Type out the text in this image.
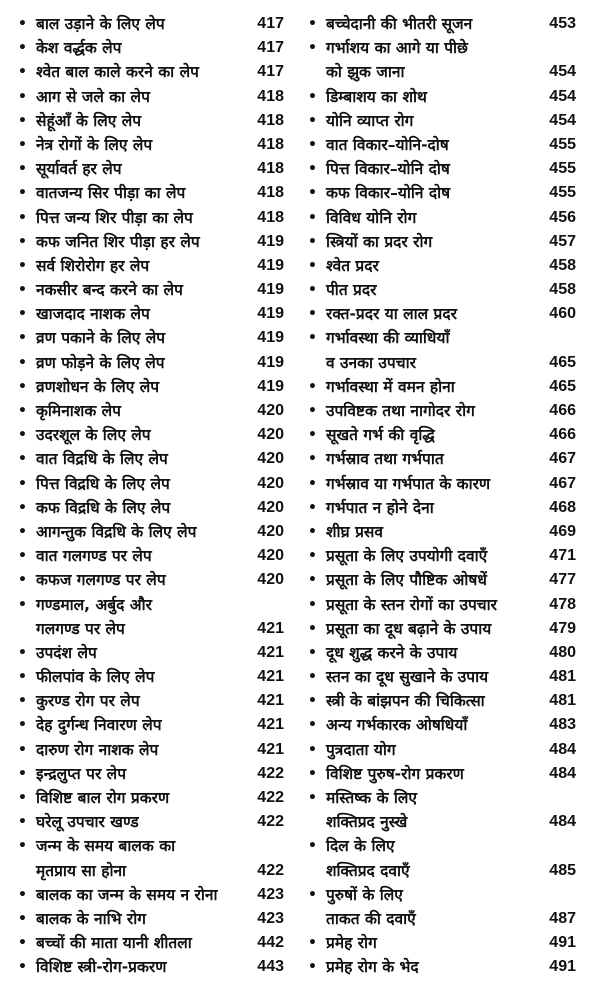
• बाल उड़ाने के लिए लेप	417
• केश वर्द्धक लेप	417
• श्वेत बाल काले करने का लेप	417
• आग से जले का लेप	418
• सेहूंआँ के लिए लेप	418
• नेत्र रोगों के लिए लेप	418
• सूर्यावर्त हर लेप	418
• वातजन्य सिर पीड़ा का लेप	418
• पित्त जन्य शिर पीड़ा का लेप	418
• कफ जनित शिर पीड़ा हर लेप	419
• सर्व शिरोरोग हर लेप	419
• नकसीर बन्द करने का लेप	419
• खाजदाद नाशक लेप	419
• व्रण पकाने के लिए लेप	419
• व्रण फोड़ने के लिए लेप	419
• व्रणशोधन के लिए लेप	419
• कृमिनाशक लेप	420
• उदरशूल के लिए लेप	420
• वात विद्रधि के लिए लेप	420
• पित्त विद्रधि के लिए लेप	420
• कफ विद्रधि के लिए लेप	420
• आगन्तुक विद्रधि के लिए लेप	420
• वात गलगण्ड पर लेप	420
• कफज गलगण्ड पर लेप	420
• गण्डमाल, अर्बुद और
गलगण्ड पर लेप	421
• उपदंश लेप	421
• फीलपांव के लिए लेप	421
• कुरण्ड रोग पर लेप	421
• देह दुर्गन्ध निवारण लेप	421
• दारुण रोग नाशक लेप	421
• इन्द्रलुप्त पर लेप	422
• विशिष्ट बाल रोग प्रकरण	422
• घरेलू उपचार खण्ड	422
• जन्म के समय बालक का
मृतप्राय सा होना	422
• बालक का जन्म के समय न रोना 423
• बालक के नाभि रोग	423
• बच्चों की माता यानी शीतला	442
• विशिष्ट स्त्री-रोग-प्रकरण	443
• बच्चेदानी की भीतरी सूजन	453
• गर्भाशय का आगे या पीछे
को झुक जाना	454
• डिम्बाशय का शोथ	454
• योनि व्याप्त रोग	454
• वात विकार–योनि-दोष	455
• पित्त विकार–योनि दोष	455
• कफ विकार–योनि दोष	455
• विविध योनि रोग	456
• स्त्रियों का प्रदर रोग	457
• श्वेत प्रदर	458
• पीत प्रदर	458
• रक्त-प्रदर या लाल प्रदर	460
• गर्भावस्था की व्याधियाँ
व उनका उपचार	465
• गर्भावस्था में वमन होना	465
• उपविष्टक तथा नागोदर रोग	466
• सूखते गर्भ की वृद्धि	466
• गर्भस्राव तथा गर्भपात	467
• गर्भस्राव या गर्भपात के कारण	467
• गर्भपात न होने देना	468
• शीघ्र प्रसव	469
• प्रसूता के लिए उपयोगी दवाएँ	471
• प्रसूता के लिए पौष्टिक ओषधें	477
• प्रसूता के स्तन रोगों का उपचार	478
• प्रसूता का दूध बढ़ाने के उपाय	479
• दूध शुद्ध करने के उपाय	480
• स्तन का दूध सुखाने के उपाय	481
• स्त्री के बांझपन की चिकित्सा	481
• अन्य गर्भकारक ओषधियाँ	483
• पुत्रदाता योग	484
• विशिष्ट पुरुष-रोग प्रकरण	484
• मस्तिष्क के लिए
शक्तिप्रद नुस्खे	484
• दिल के लिए
शक्तिप्रद दवाएँ	485
• पुरुषों के लिए
ताकत की दवाएँ	487
• प्रमेह रोग	491
• प्रमेह रोग के भेद	491
